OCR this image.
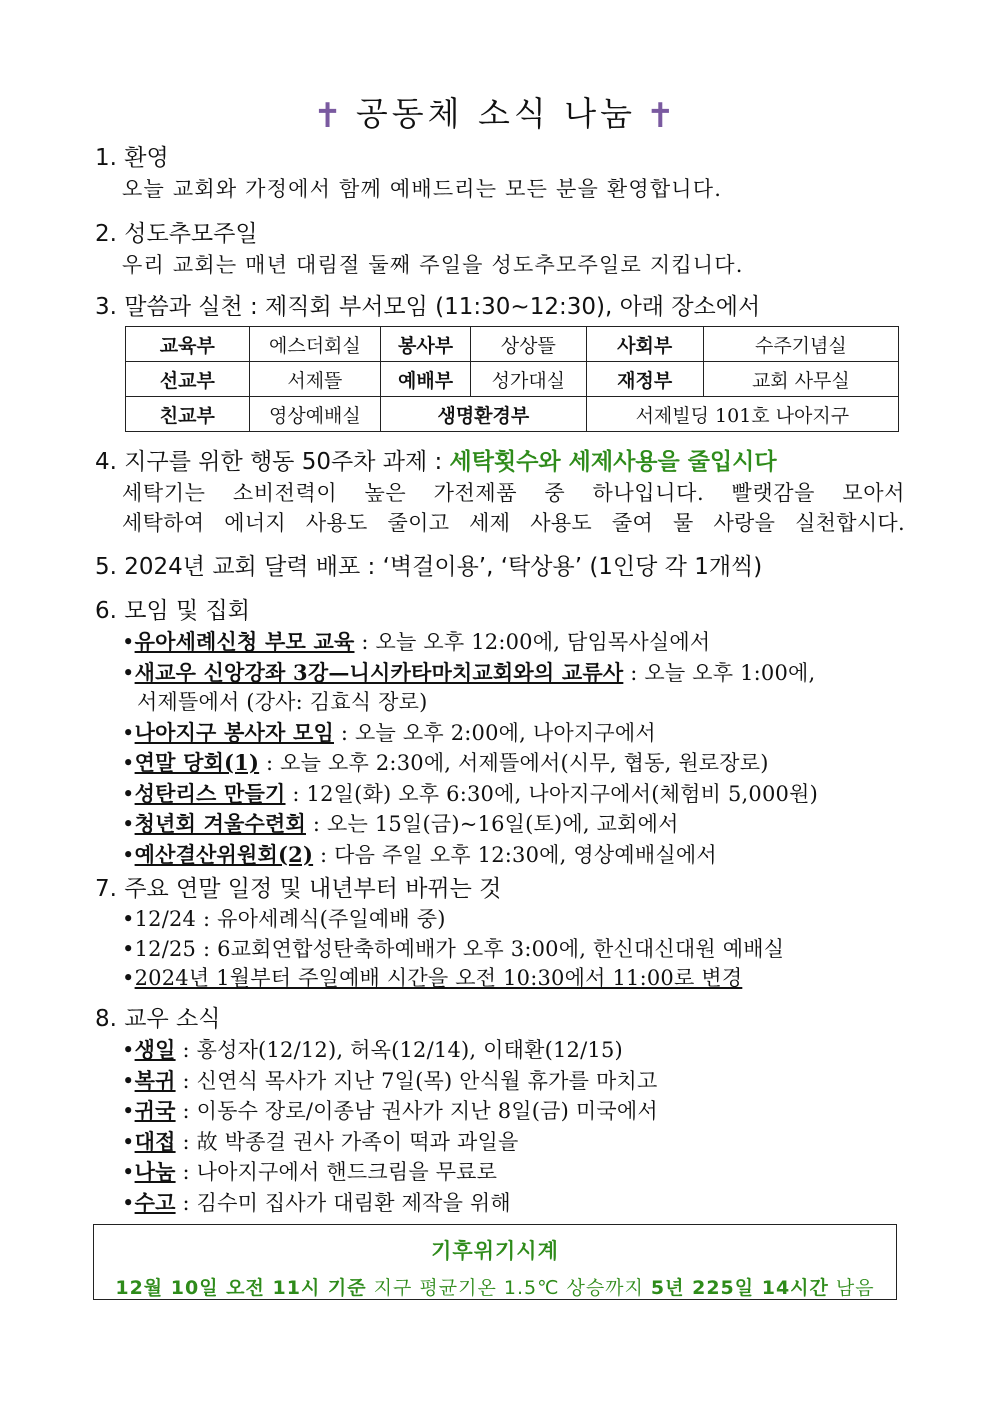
✝ 공동체 소식 나눔 ✝
1. 환영
오늘 교회와 가정에서 함께 예배드리는 모든 분을 환영합니다.
2. 성도추모주일
우리 교회는 매년 대림절 둘째 주일을 성도추모주일로 지킵니다.
3. 말씀과 실천 : 제직회 부서모임 (11:30~12:30), 아래 장소에서
교육부	에스더회실	봉사부	상상뜰	사회부	수주기념실
선교부	서제뜰	예배부	성가대실	재정부	교회 사무실
친교부	영상예배실	생명환경부		서제빌딩 101호 나아지구	
4. 지구를 위한 행동 50주차 과제 : 세탁횟수와 세제사용을 줄입시다
세탁기는 소비전력이 높은 가전제품 중 하나입니다. 빨랫감을 모아서
세탁하여 에너지 사용도 줄이고 세제 사용도 줄여 물 사랑을 실천합시다.
5. 2024년 교회 달력 배포 : ‘벽걸이용’, ‘탁상용’ (1인당 각 1개씩)
6. 모임 및 집회
•유아세례신청 부모 교육 : 오늘 오후 12:00에, 담임목사실에서
•새교우 신앙강좌 3강—니시카타마치교회와의 교류사 : 오늘 오후 1:00에,
서제뜰에서 (강사: 김효식 장로)
•나아지구 봉사자 모임 : 오늘 오후 2:00에, 나아지구에서
•연말 당회(1) : 오늘 오후 2:30에, 서제뜰에서(시무, 협동, 원로장로)
•성탄리스 만들기 : 12일(화) 오후 6:30에, 나아지구에서(체험비 5,000원)
•청년회 겨울수련회 : 오는 15일(금)~16일(토)에, 교회에서
•예산결산위원회(2) : 다음 주일 오후 12:30에, 영상예배실에서
7. 주요 연말 일정 및 내년부터 바뀌는 것
•12/24 : 유아세례식(주일예배 중)
•12/25 : 6교회연합성탄축하예배가 오후 3:00에, 한신대신대원 예배실
•2024년 1월부터 주일예배 시간을 오전 10:30에서 11:00로 변경
8. 교우 소식
•생일 : 홍성자(12/12), 허옥(12/14), 이태환(12/15)
•복귀 : 신연식 목사가 지난 7일(목) 안식월 휴가를 마치고
•귀국 : 이동수 장로/이종남 권사가 지난 8일(금) 미국에서
•대접 : 故 박종걸 권사 가족이 떡과 과일을
•나눔 : 나아지구에서 핸드크림을 무료로
•수고 : 김수미 집사가 대림환 제작을 위해
기후위기시계
12월 10일 오전 11시 기준 지구 평균기온 1.5℃ 상승까지 5년 225일 14시간 남음
